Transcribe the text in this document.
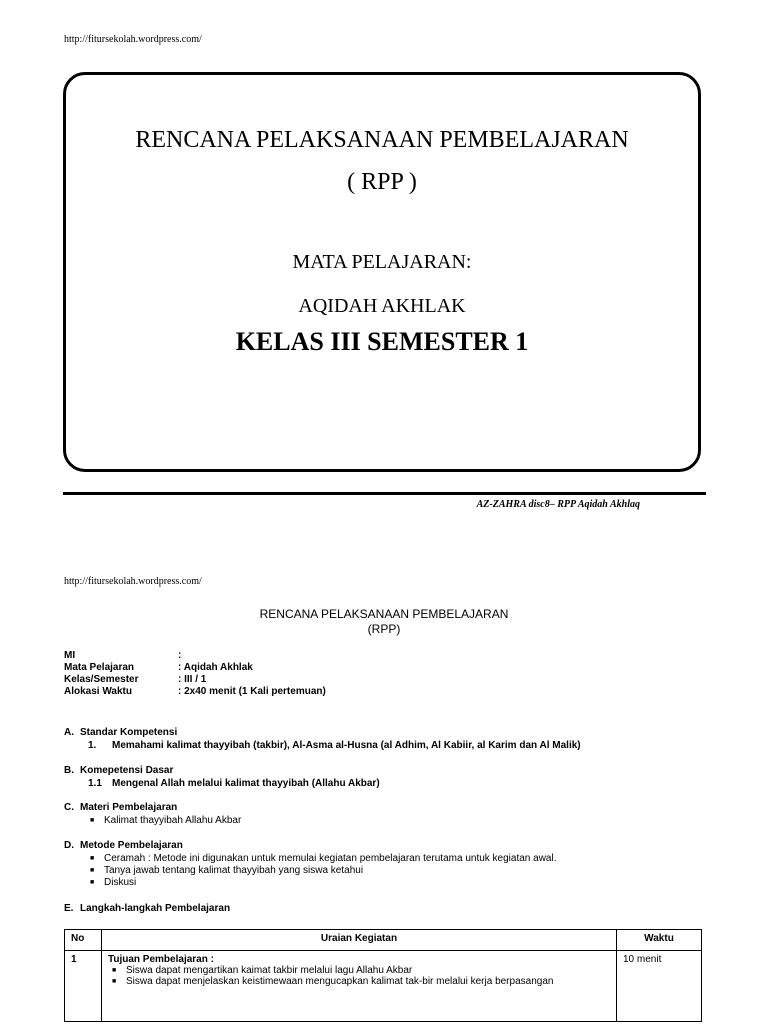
http://fitursekolah.wordpress.com/
RENCANA PELAKSANAAN PEMBELAJARAN
( RPP )
MATA PELAJARAN:
AQIDAH AKHLAK
KELAS III SEMESTER 1
AZ-ZAHRA disc8– RPP Aqidah Akhlaq
http://fitursekolah.wordpress.com/
RENCANA PELAKSANAAN PEMBELAJARAN
(RPP)
MI	:
Mata Pelajaran	: Aqidah Akhlak
Kelas/Semester	: III / 1
Alokasi Waktu	: 2x40 menit (1 Kali pertemuan)
A. Standar Kompetensi
1. Memahami kalimat thayyibah (takbir), Al-Asma al-Husna (al Adhim, Al Kabiir, al Karim dan Al Malik)
B. Komepetensi Dasar
1.1 Mengenal Allah melalui kalimat thayyibah (Allahu Akbar)
C. Materi Pembelajaran
■ Kalimat thayyibah Allahu Akbar
D. Metode Pembelajaran
■ Ceramah : Metode ini digunakan untuk memulai kegiatan pembelajaran terutama untuk kegiatan awal.
■ Tanya jawab tentang kalimat thayyibah yang siswa ketahui
■ Diskusi
E. Langkah-langkah Pembelajaran
No	Uraian Kegiatan	Waktu
1	Tujuan Pembelajaran :
■ Siswa dapat mengartikan kaimat takbir melalui lagu Allahu Akbar
■ Siswa dapat menjelaskan keistimewaan mengucapkan kalimat tak-bir melalui kerja berpasangan	10 menit
